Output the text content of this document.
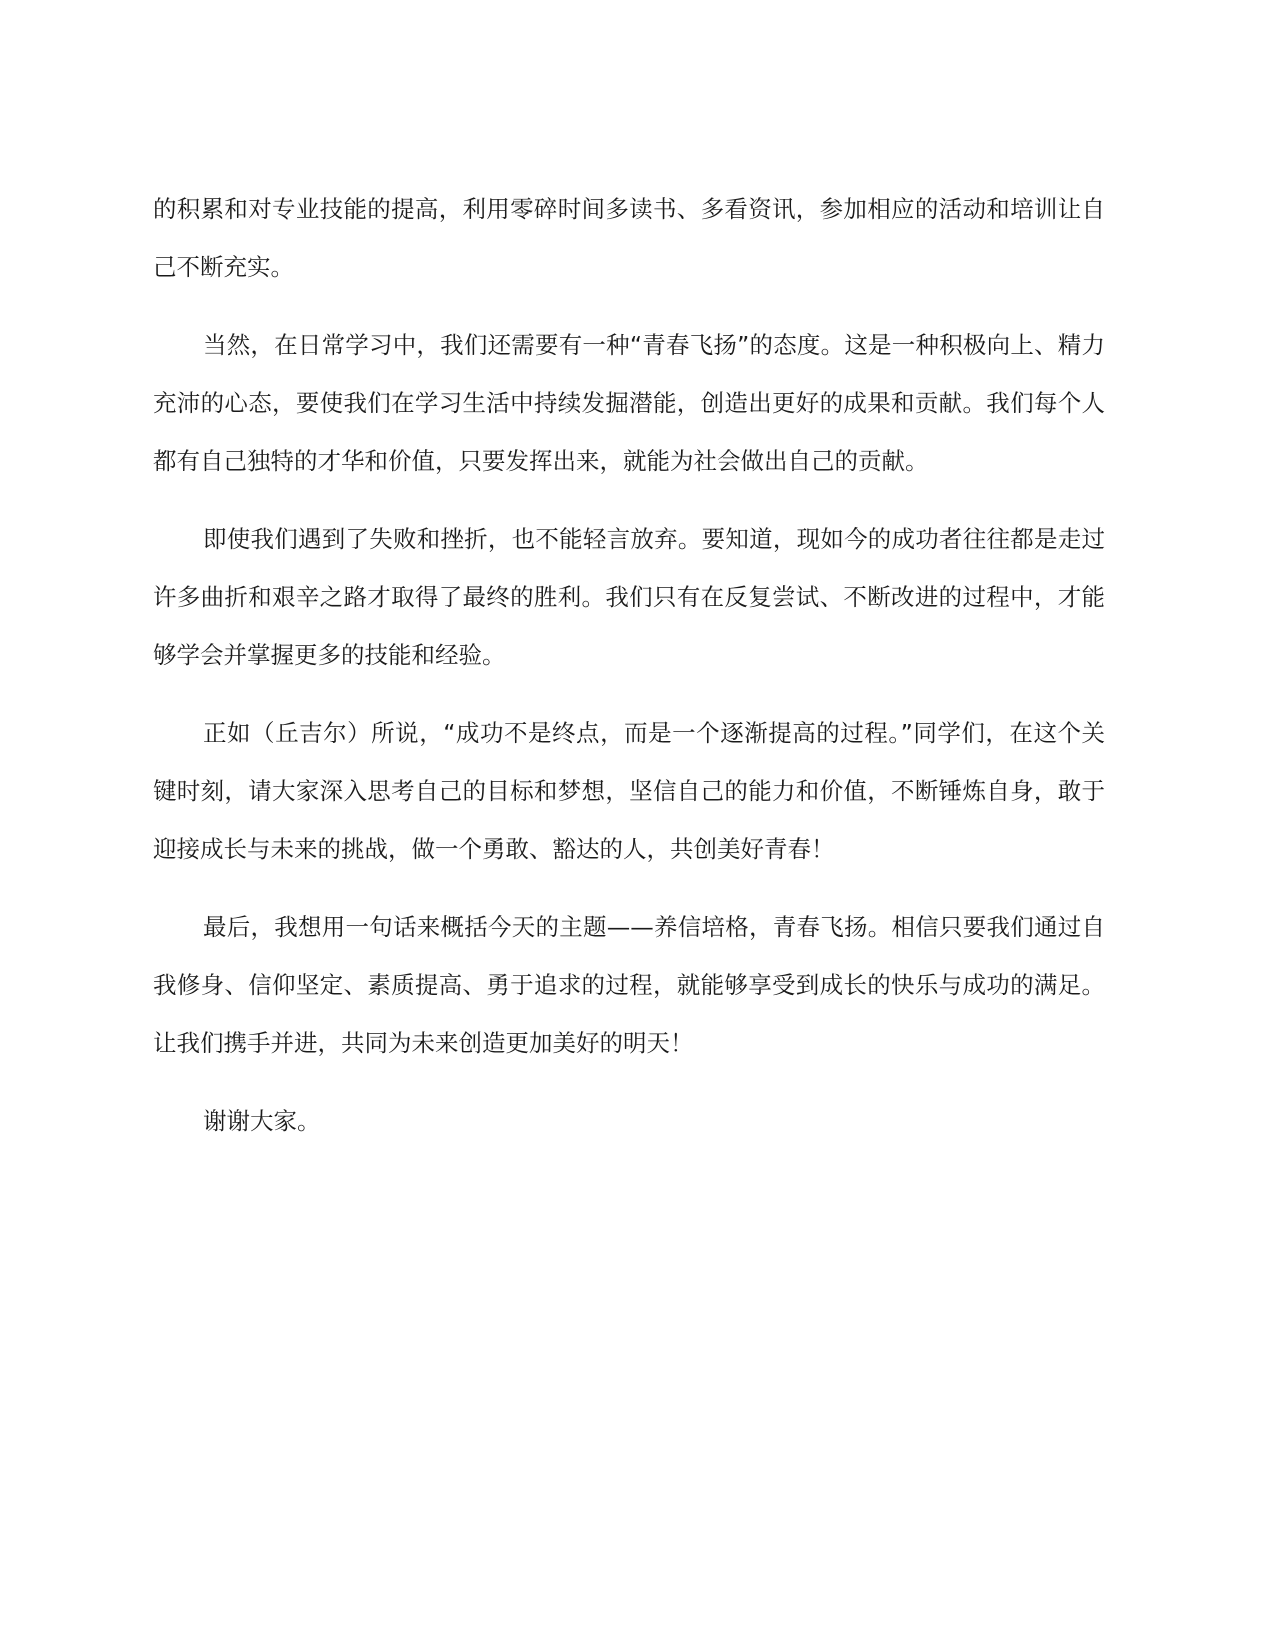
的积累和对专业技能的提高，利用零碎时间多读书、多看资讯，参加相应的活动和培训让自己不断充实。

当然，在日常学习中，我们还需要有一种“青春飞扬”的态度。这是一种积极向上、精力充沛的心态，要使我们在学习生活中持续发掘潜能，创造出更好的成果和贡献。我们每个人都有自己独特的才华和价值，只要发挥出来，就能为社会做出自己的贡献。

即使我们遇到了失败和挫折，也不能轻言放弃。要知道，现如今的成功者往往都是走过许多曲折和艰辛之路才取得了最终的胜利。我们只有在反复尝试、不断改进的过程中，才能够学会并掌握更多的技能和经验。

正如（丘吉尔）所说，“成功不是终点，而是一个逐渐提高的过程。”同学们，在这个关键时刻，请大家深入思考自己的目标和梦想，坚信自己的能力和价值，不断锤炼自身，敢于迎接成长与未来的挑战，做一个勇敢、豁达的人，共创美好青春！

最后，我想用一句话来概括今天的主题——养信培格，青春飞扬。相信只要我们通过自我修身、信仰坚定、素质提高、勇于追求的过程，就能够享受到成长的快乐与成功的满足。让我们携手并进，共同为未来创造更加美好的明天！

谢谢大家。
